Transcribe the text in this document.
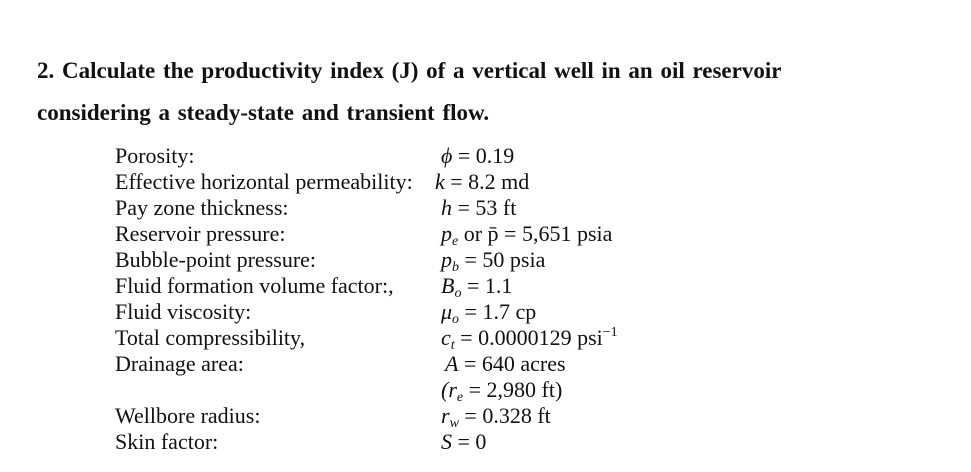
2. Calculate the productivity index (J) of a vertical well in an oil reservoir
considering a steady-state and transient flow.
Porosity:	ϕ = 0.19
Effective horizontal permeability: k = 8.2 md
Pay zone thickness:	h = 53 ft
Reservoir pressure:	$p_e$ or p̄ = 5,651 psia
Bubble-point pressure:	$p_b = 50$ psia
Fluid formation volume factor:, $B_o = 1.1$
Fluid viscosity:	$\mu_o = 1.7$ cp
Total compressibility,	$c_t = 0.0000129$ psi$^{-1}$
Drainage area:	A = 640 acres
($r_e = 2,980$ ft)
Wellbore radius:	$r_w = 0.328$ ft
Skin factor:	S = 0
